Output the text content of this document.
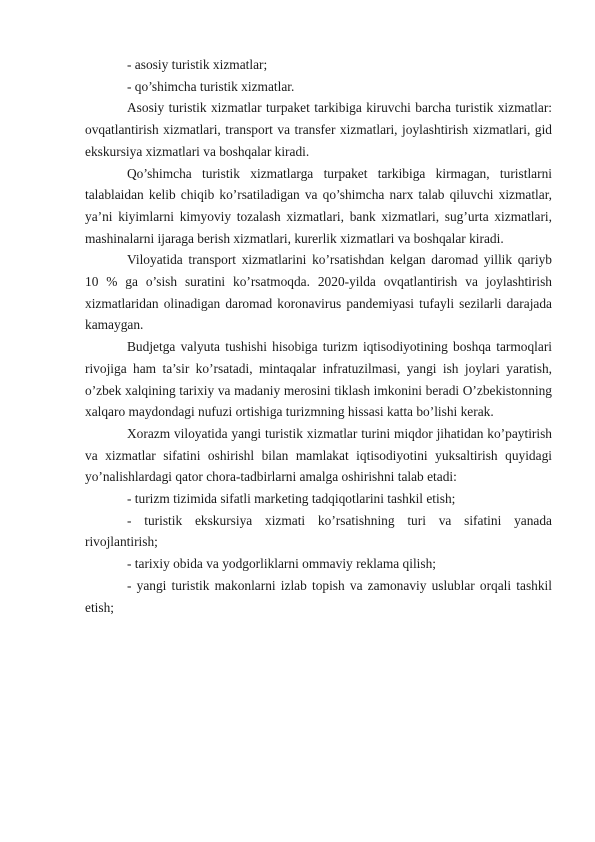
- asosiy turistik xizmatlar;

- qo’shimcha turistik xizmatlar.

Asosiy turistik xizmatlar turpaket tarkibiga kiruvchi barcha turistik xizmatlar: ovqatlantirish xizmatlari, transport va transfer xizmatlari, joylashtirish xizmatlari, gid ekskursiya xizmatlari va boshqalar kiradi.

Qo’shimcha turistik xizmatlarga turpaket tarkibiga kirmagan, turistlarni talablaidan kelib chiqib ko’rsatiladigan va qo’shimcha narx talab qiluvchi xizmatlar, ya’ni kiyimlarni kimyoviy tozalash xizmatlari, bank xizmatlari, sug’urta xizmatlari, mashinalarni ijaraga berish xizmatlari, kurerlik xizmatlari va boshqalar kiradi.

Viloyatida transport xizmatlarini ko’rsatishdan kelgan daromad yillik qariyb 10 % ga o’sish suratini ko’rsatmoqda. 2020-yilda ovqatlantirish va joylashtirish xizmatlaridan olinadigan daromad koronavirus pandemiyasi tufayli sezilarli darajada kamaygan.

Budjetga valyuta tushishi hisobiga turizm iqtisodiyotining boshqa tarmoqlari rivojiga ham ta’sir ko’rsatadi, mintaqalar infratuzilmasi, yangi ish joylari yaratish, o’zbek xalqining tarixiy va madaniy merosini tiklash imkonini beradi O’zbekistonning xalqaro maydondagi nufuzi ortishiga turizmning hissasi katta bo’lishi kerak.

Xorazm viloyatida yangi turistik xizmatlar turini miqdor jihatidan ko’paytirish va xizmatlar sifatini oshirishl bilan mamlakat iqtisodiyotini yuksaltirish quyidagi yo’nalishlardagi qator chora-tadbirlarni amalga oshirishni talab etadi:

- turizm tizimida sifatli marketing tadqiqotlarini tashkil etish;

- turistik ekskursiya xizmati ko’rsatishning turi va sifatini yanada rivojlantirish;

- tarixiy obida va yodgorliklarni ommaviy reklama qilish;

- yangi turistik makonlarni izlab topish va zamonaviy uslublar orqali tashkil etish;
